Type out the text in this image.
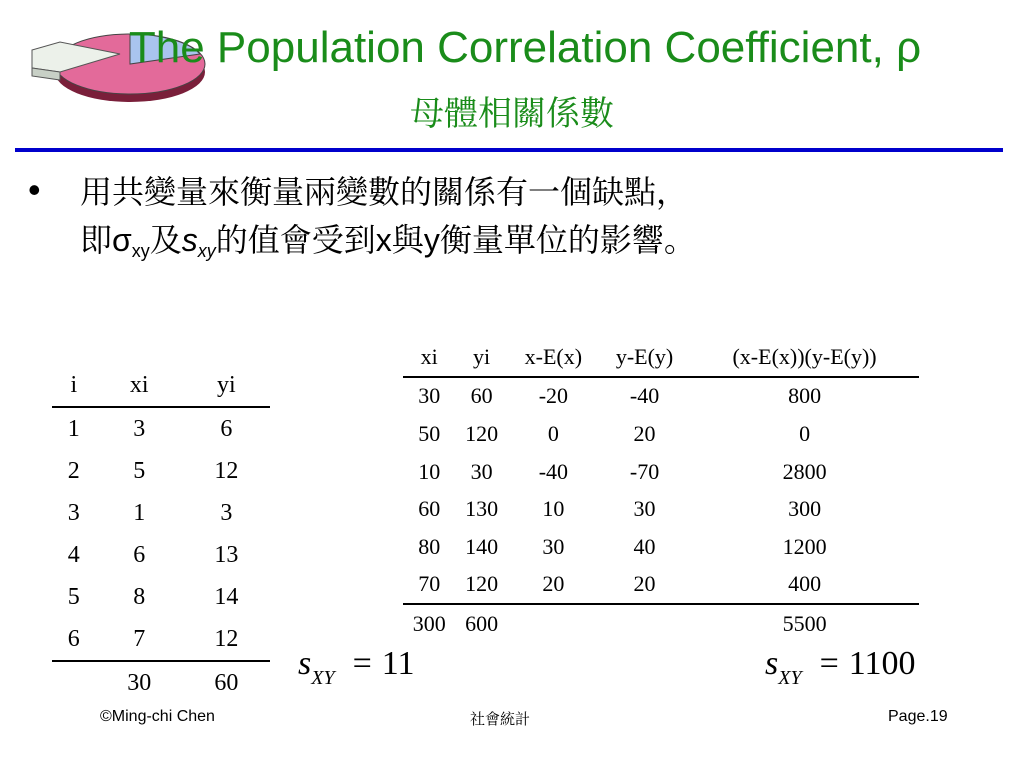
The Population Correlation Coefficient, ρ
母體相關係數
• 用共變量來衡量兩變數的關係有一個缺點，
即$\sigma_{xy}$及$s_{xy}$的值會受到x與y衡量單位的影響。
i	xi	yi
1	3	6
2	5	12
3	1	3
4	6	13
5	8	14
6	7	12
	30	60
xi	yi	x-E(x)	y-E(y)	(x-E(x))(y-E(y))
30	60	-20	-40	800
50	120	0	20	0
10	30	-40	-70	2800
60	130	10	30	300
80	140	30	40	1200
70	120	20	20	400
300	600			5500
$s_{XY} = 11$	$s_{XY} = 1100$
©Ming-chi Chen	社會統計	Page.19
